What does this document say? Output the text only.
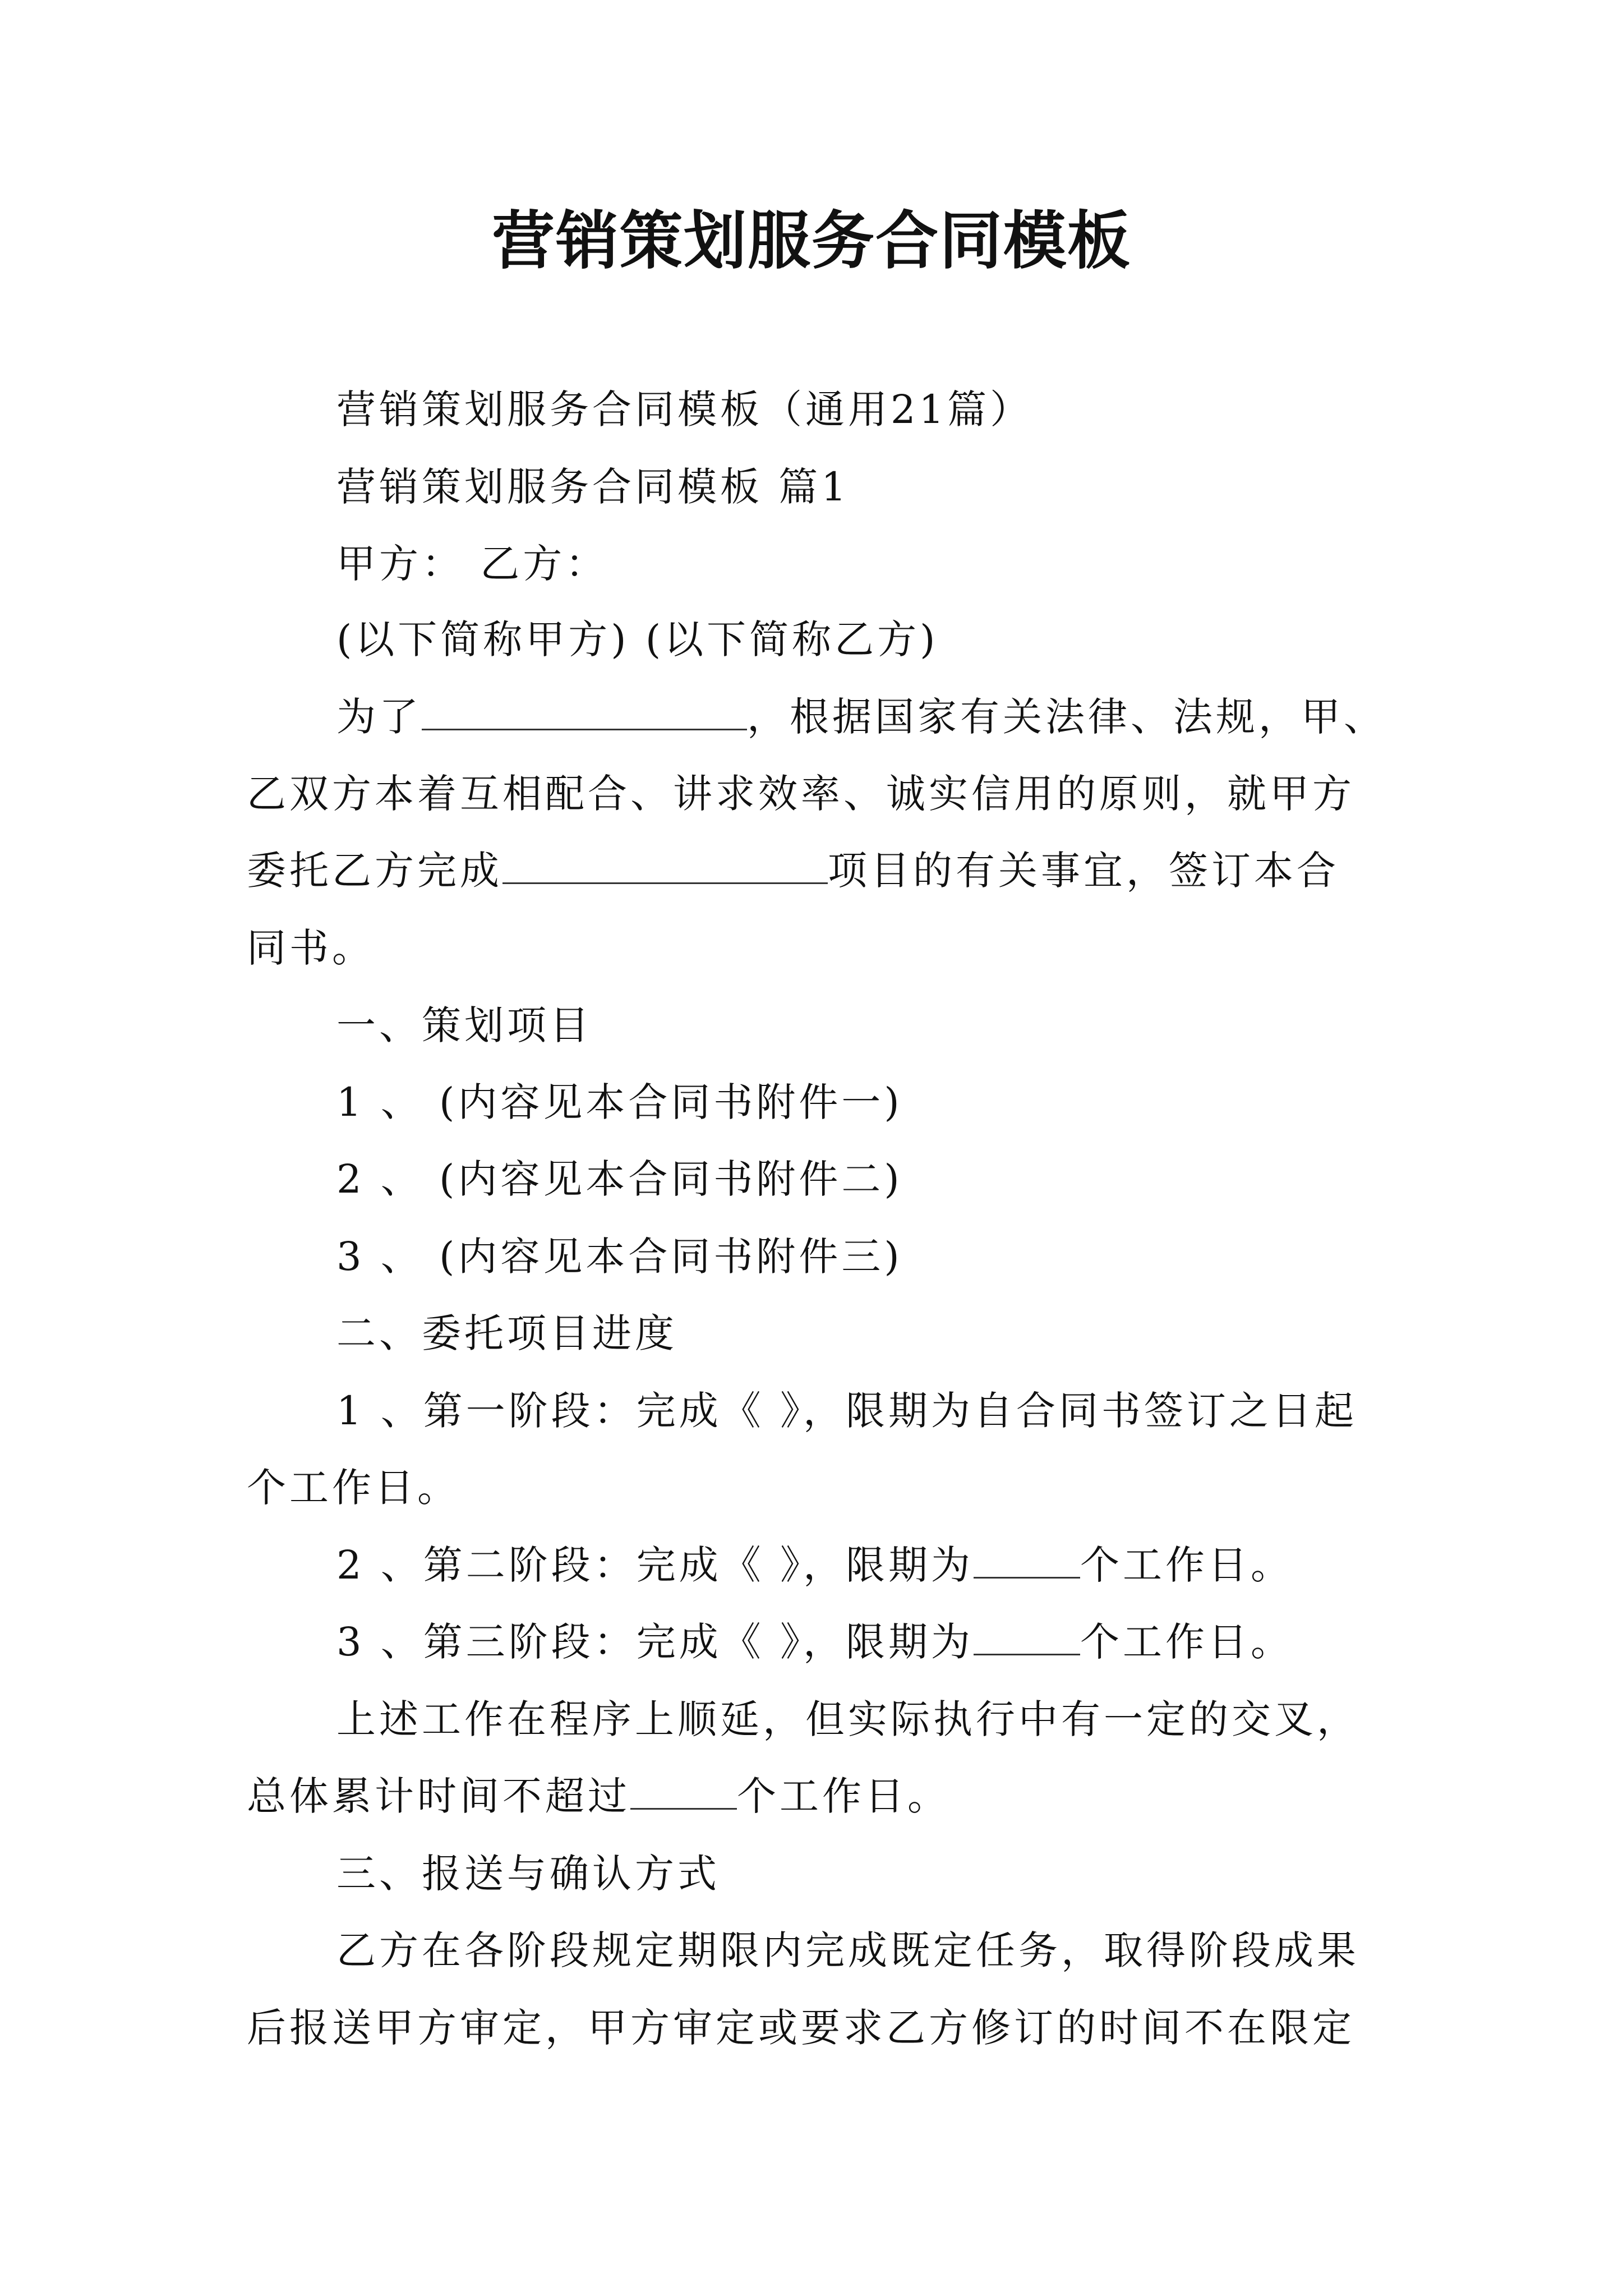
营销策划服务合同模板
营销策划服务合同模板（通用21篇）
营销策划服务合同模板 篇1
甲方： 乙方：
(以下简称甲方) (以下简称乙方)
为了	，根据国家有关法律、法规，甲、
乙双方本着互相配合、讲求效率、诚实信用的原则，就甲方
委托乙方完成	项目的有关事宜，签订本合
同书。
一、策划项目
1 、 (内容见本合同书附件一)
2 、 (内容见本合同书附件二)
3 、 (内容见本合同书附件三)
二、委托项目进度
1 、第一阶段：完成《 》，限期为自合同书签订之日起
个工作日。
2 、第二阶段：完成《 》，限期为	个工作日。
3 、第三阶段：完成《 》，限期为	个工作日。
上述工作在程序上顺延，但实际执行中有一定的交叉，
总体累计时间不超过	个工作日。
三、报送与确认方式
乙方在各阶段规定期限内完成既定任务，取得阶段成果
后报送甲方审定，甲方审定或要求乙方修订的时间不在限定
